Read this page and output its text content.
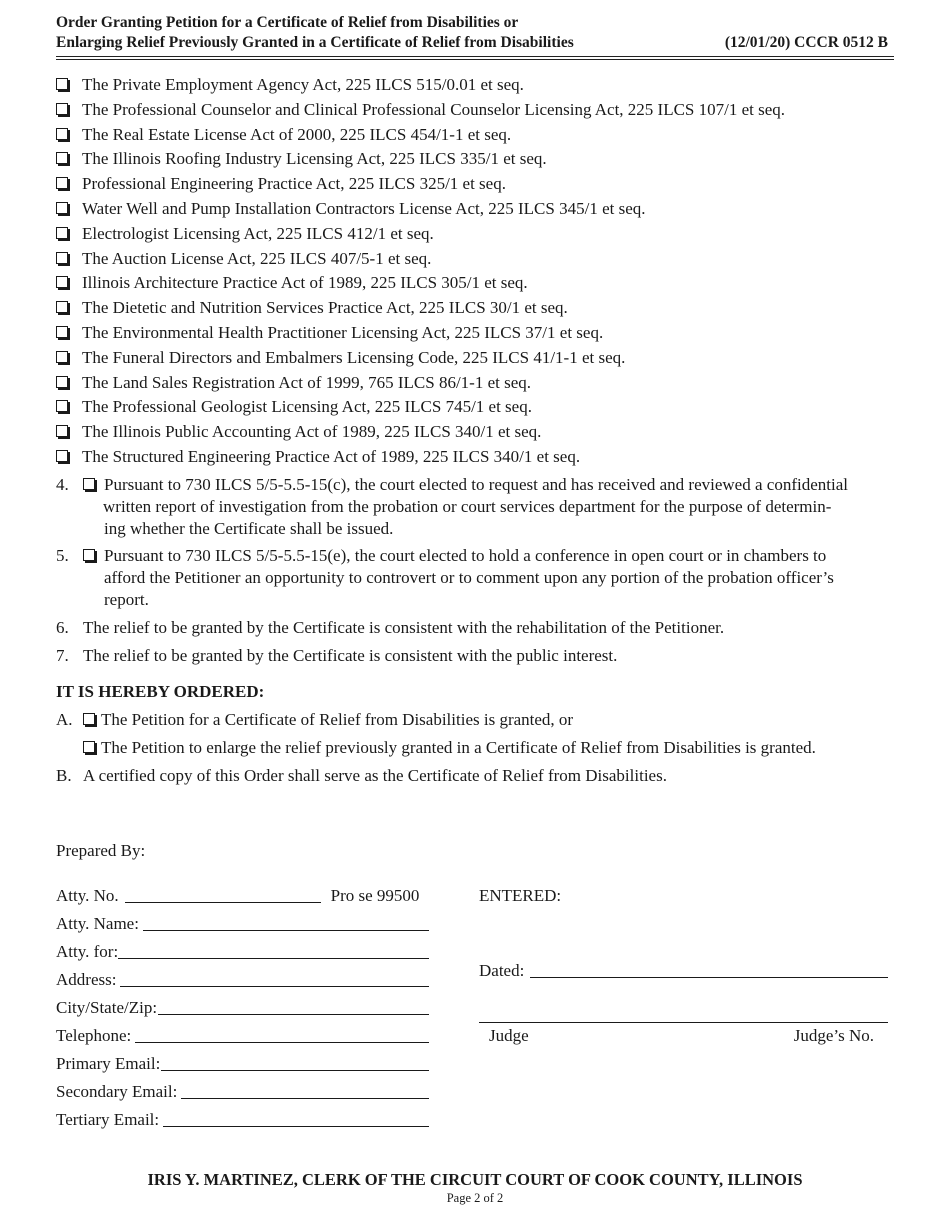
Order Granting Petition for a Certificate of Relief from Disabilities or
Enlarging Relief Previously Granted in a Certificate of Relief from Disabilities	(12/01/20) CCCR 0512 B
The Private Employment Agency Act, 225 ILCS 515/0.01 et seq.
The Professional Counselor and Clinical Professional Counselor Licensing Act, 225 ILCS 107/1 et seq.
The Real Estate License Act of 2000, 225 ILCS 454/1-1 et seq.
The Illinois Roofing Industry Licensing Act, 225 ILCS 335/1 et seq.
Professional Engineering Practice Act, 225 ILCS 325/1 et seq.
Water Well and Pump Installation Contractors License Act, 225 ILCS 345/1 et seq.
Electrologist Licensing Act, 225 ILCS 412/1 et seq.
The Auction License Act, 225 ILCS 407/5-1 et seq.
Illinois Architecture Practice Act of 1989, 225 ILCS 305/1 et seq.
The Dietetic and Nutrition Services Practice Act, 225 ILCS 30/1 et seq.
The Environmental Health Practitioner Licensing Act, 225 ILCS 37/1 et seq.
The Funeral Directors and Embalmers Licensing Code, 225 ILCS 41/1-1 et seq.
The Land Sales Registration Act of 1999, 765 ILCS 86/1-1 et seq.
The Professional Geologist Licensing Act, 225 ILCS 745/1 et seq.
The Illinois Public Accounting Act of 1989, 225 ILCS 340/1 et seq.
The Structured Engineering Practice Act of 1989, 225 ILCS 340/1 et seq.
4. Pursuant to 730 ILCS 5/5-5.5-15(c), the court elected to request and has received and reviewed a confidential
written report of investigation from the probation or court services department for the purpose of determin-
ing whether the Certificate shall be issued.
5. Pursuant to 730 ILCS 5/5-5.5-15(e), the court elected to hold a conference in open court or in chambers to
afford the Petitioner an opportunity to controvert or to comment upon any portion of the probation officer’s
report.
6. The relief to be granted by the Certificate is consistent with the rehabilitation of the Petitioner.
7. The relief to be granted by the Certificate is consistent with the public interest.
IT IS HEREBY ORDERED:
A. The Petition for a Certificate of Relief from Disabilities is granted, or
The Petition to enlarge the relief previously granted in a Certificate of Relief from Disabilities is granted.
B. A certified copy of this Order shall serve as the Certificate of Relief from Disabilities.
Prepared By:
Atty. No.	Pro se 99500
Atty. Name:
Atty. for:
Address:
City/State/Zip:
Telephone:
Primary Email:
Secondary Email:
Tertiary Email:
ENTERED:
Dated:
Judge	Judge’s No.
IRIS Y. MARTINEZ, CLERK OF THE CIRCUIT COURT OF COOK COUNTY, ILLINOIS
Page 2 of 2
